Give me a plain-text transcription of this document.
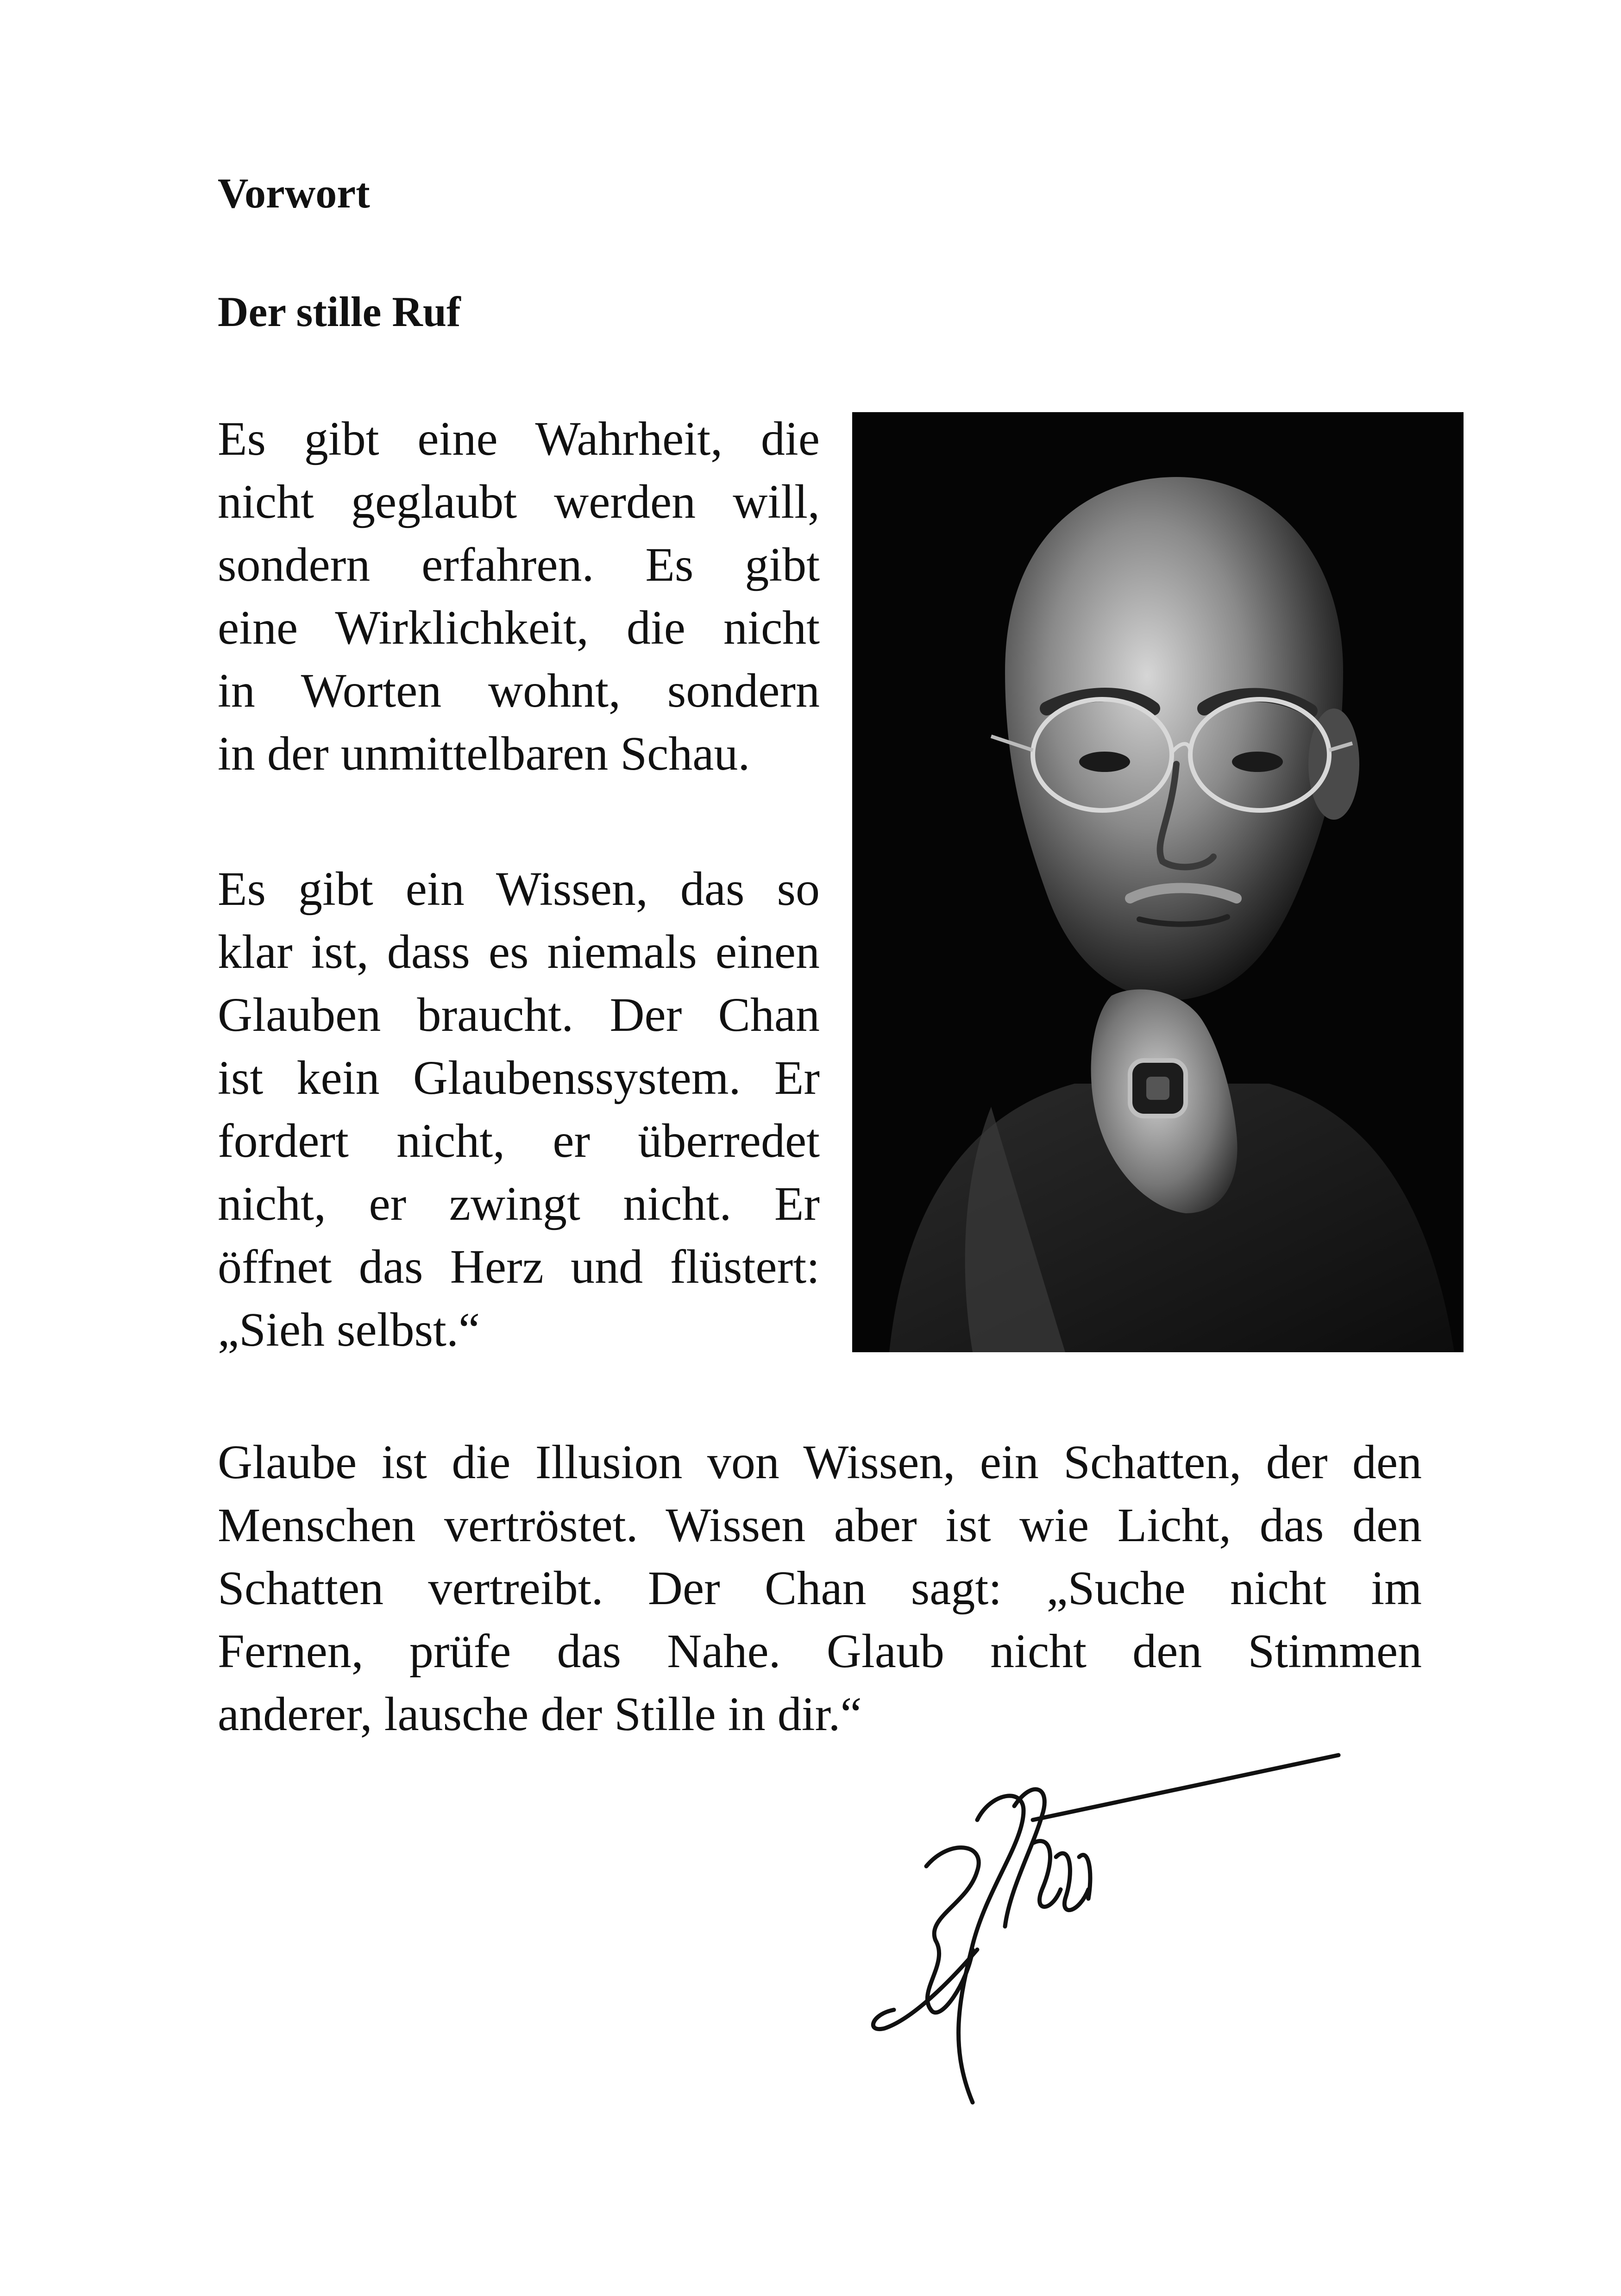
Vorwort
Der stille Ruf

Es gibt eine Wahrheit, die
nicht geglaubt werden will,
sondern erfahren. Es gibt
eine Wirklichkeit, die nicht
in Worten wohnt, sondern
in der unmittelbaren Schau.

Es gibt ein Wissen, das so
klar ist, dass es niemals einen
Glauben braucht. Der Chan
ist kein Glaubenssystem. Er
fordert nicht, er überredet
nicht, er zwingt nicht. Er
öffnet das Herz und flüstert:
„Sieh selbst.“

Glaube ist die Illusion von Wissen, ein Schatten, der den
Menschen vertröstet. Wissen aber ist wie Licht, das den
Schatten vertreibt. Der Chan sagt: „Suche nicht im
Fernen, prüfe das Nahe. Glaub nicht den Stimmen
anderer, lausche der Stille in dir.“
